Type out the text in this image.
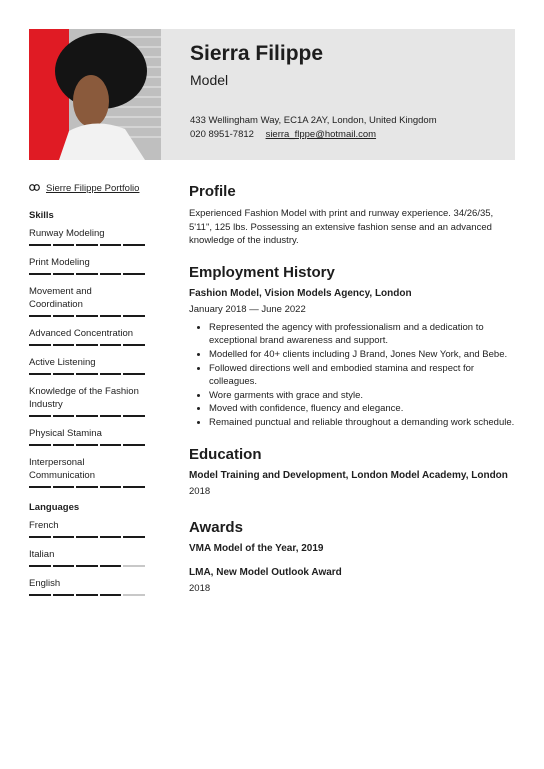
Sierra Filippe
Model
433 Wellingham Way, EC1A 2AY, London, United Kingdom
020 8951-7812 sierra_flppe@hotmail.com
Sierre Filippe Portfolio
Skills
Runway Modeling
Print Modeling
Movement and Coordination
Advanced Concentration
Active Listening
Knowledge of the Fashion Industry
Physical Stamina
Interpersonal Communication
Languages
French
Italian
English
Profile
Experienced Fashion Model with print and runway experience. 34/26/35, 5'11", 125 lbs. Possessing an extensive fashion sense and an advanced knowledge of the industry.
Employment History
Fashion Model, Vision Models Agency, London
January 2018 — June 2022
• Represented the agency with professionalism and a dedication to exceptional brand awareness and support.
• Modelled for 40+ clients including J Brand, Jones New York, and Bebe.
• Followed directions well and embodied stamina and respect for colleagues.
• Wore garments with grace and style.
• Moved with confidence, fluency and elegance.
• Remained punctual and reliable throughout a demanding work schedule.
Education
Model Training and Development, London Model Academy, London
2018
Awards
VMA Model of the Year, 2019
LMA, New Model Outlook Award
2018
